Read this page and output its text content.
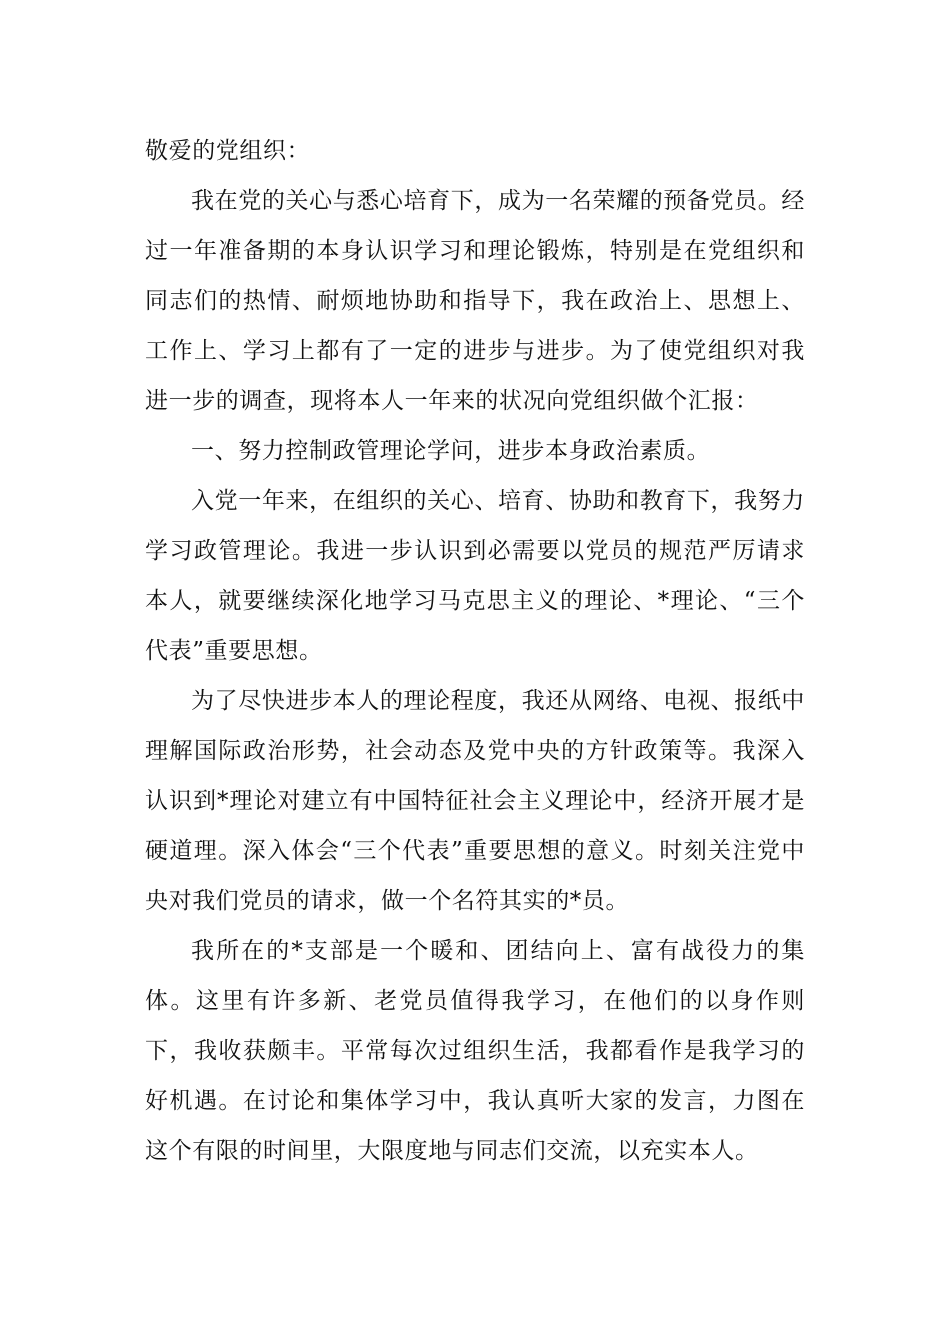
敬爱的党组织：

我在党的关心与悉心培育下，成为一名荣耀的预备党员。经过一年准备期的本身认识学习和理论锻炼，特别是在党组织和同志们的热情、耐烦地协助和指导下，我在政治上、思想上、工作上、学习上都有了一定的进步与进步。为了使党组织对我进一步的调查，现将本人一年来的状况向党组织做个汇报：

一、努力控制政管理论学问，进步本身政治素质。

入党一年来，在组织的关心、培育、协助和教育下，我努力学习政管理论。我进一步认识到必需要以党员的规范严厉请求本人，就要继续深化地学习马克思主义的理论、*理论、“三个代表”重要思想。

为了尽快进步本人的理论程度，我还从网络、电视、报纸中理解国际政治形势，社会动态及党中央的方针政策等。我深入认识到*理论对建立有中国特征社会主义理论中，经济开展才是硬道理。深入体会“三个代表”重要思想的意义。时刻关注党中央对我们党员的请求，做一个名符其实的*员。

我所在的*支部是一个暖和、团结向上、富有战役力的集体。这里有许多新、老党员值得我学习，在他们的以身作则下，我收获颇丰。平常每次过组织生活，我都看作是我学习的好机遇。在讨论和集体学习中，我认真听大家的发言，力图在这个有限的时间里，大限度地与同志们交流，以充实本人。
